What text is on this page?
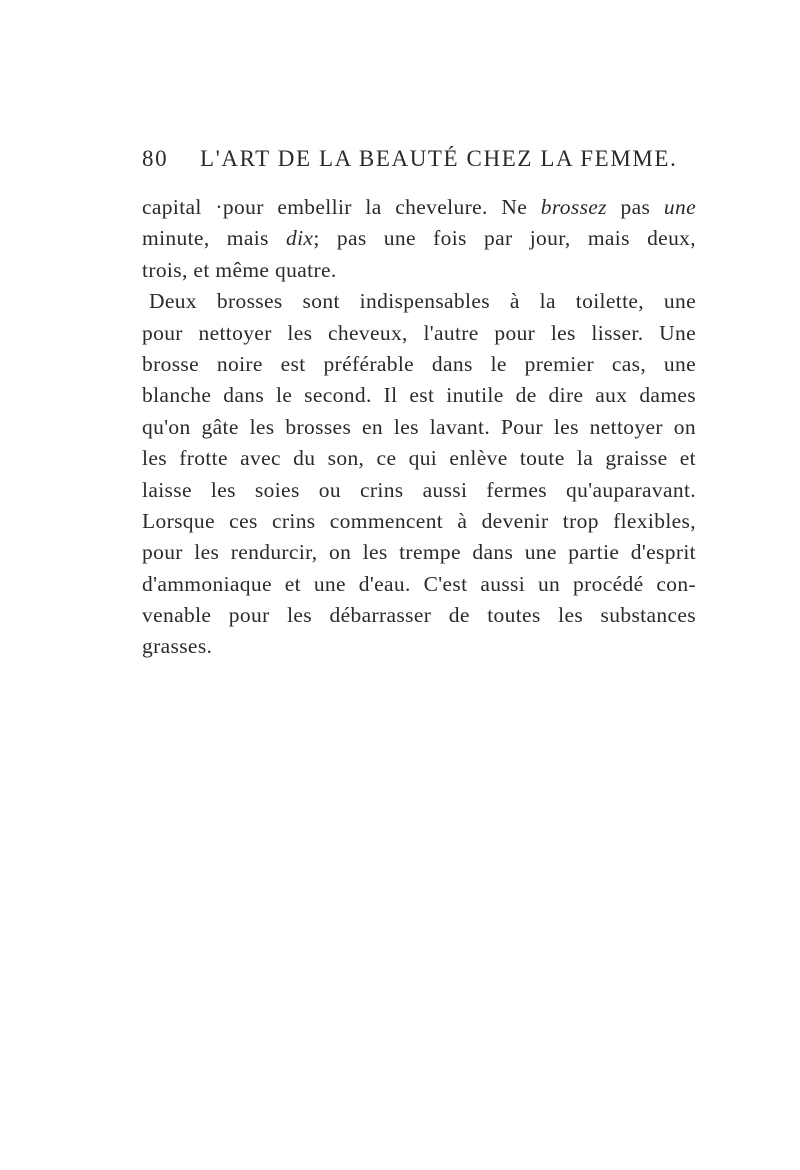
80 L'ART DE LA BEAUTÉ CHEZ LA FEMME.
capital ·pour embellir la chevelure. Ne brossez pas une
minute, mais dix; pas une fois par jour, mais deux,
trois, et même quatre.
Deux brosses sont indispensables à la toilette, une
pour nettoyer les cheveux, l'autre pour les lisser. Une
brosse noire est préférable dans le premier cas, une
blanche dans le second. Il est inutile de dire aux dames
qu'on gâte les brosses en les lavant. Pour les nettoyer on
les frotte avec du son, ce qui enlève toute la graisse et
laisse les soies ou crins aussi fermes qu'auparavant.
Lorsque ces crins commencent à devenir trop flexibles,
pour les rendurcir, on les trempe dans une partie d'esprit
d'ammoniaque et une d'eau. C'est aussi un procédé con-
venable pour les débarrasser de toutes les substances
grasses.
